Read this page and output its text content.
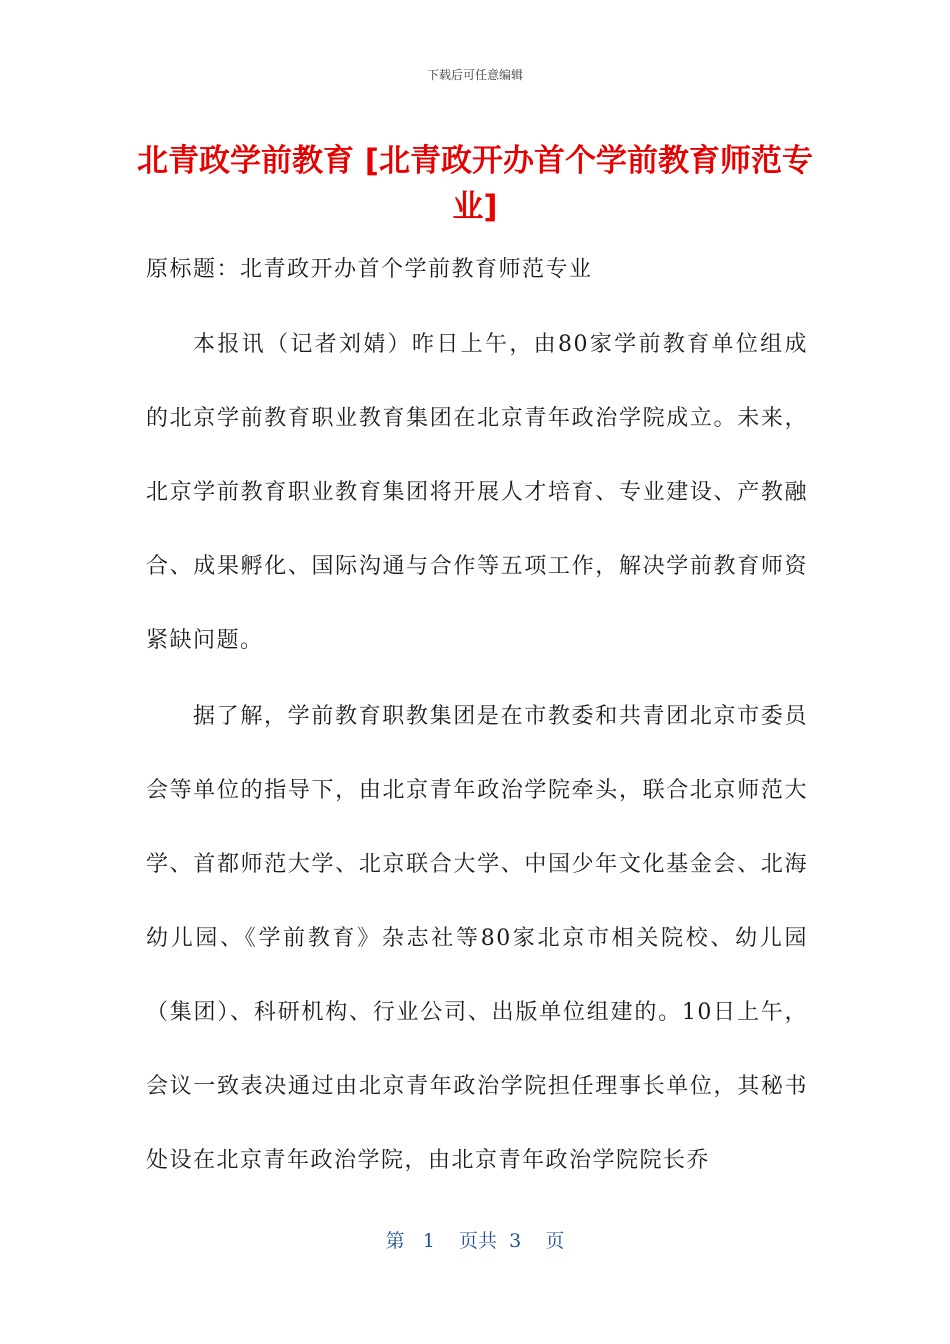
下载后可任意编辑
北青政学前教育 [北青政开办首个学前教育师范专业]
原标题：北青政开办首个学前教育师范专业

本报讯（记者刘婧）昨日上午，由80家学前教育单位组成的北京学前教育职业教育集团在北京青年政治学院成立。未来，北京学前教育职业教育集团将开展人才培育、专业建设、产教融合、成果孵化、国际沟通与合作等五项工作，解决学前教育师资紧缺问题。

据了解，学前教育职教集团是在市教委和共青团北京市委员会等单位的指导下，由北京青年政治学院牵头，联合北京师范大学、首都师范大学、北京联合大学、中国少年文化基金会、北海幼儿园、《学前教育》杂志社等80家北京市相关院校、幼儿园（集团）、科研机构、行业公司、出版单位组建的。10日上午，会议一致表决通过由北京青年政治学院担任理事长单位，其秘书处设在北京青年政治学院，由北京青年政治学院院长乔

第 1 页共 3 页
